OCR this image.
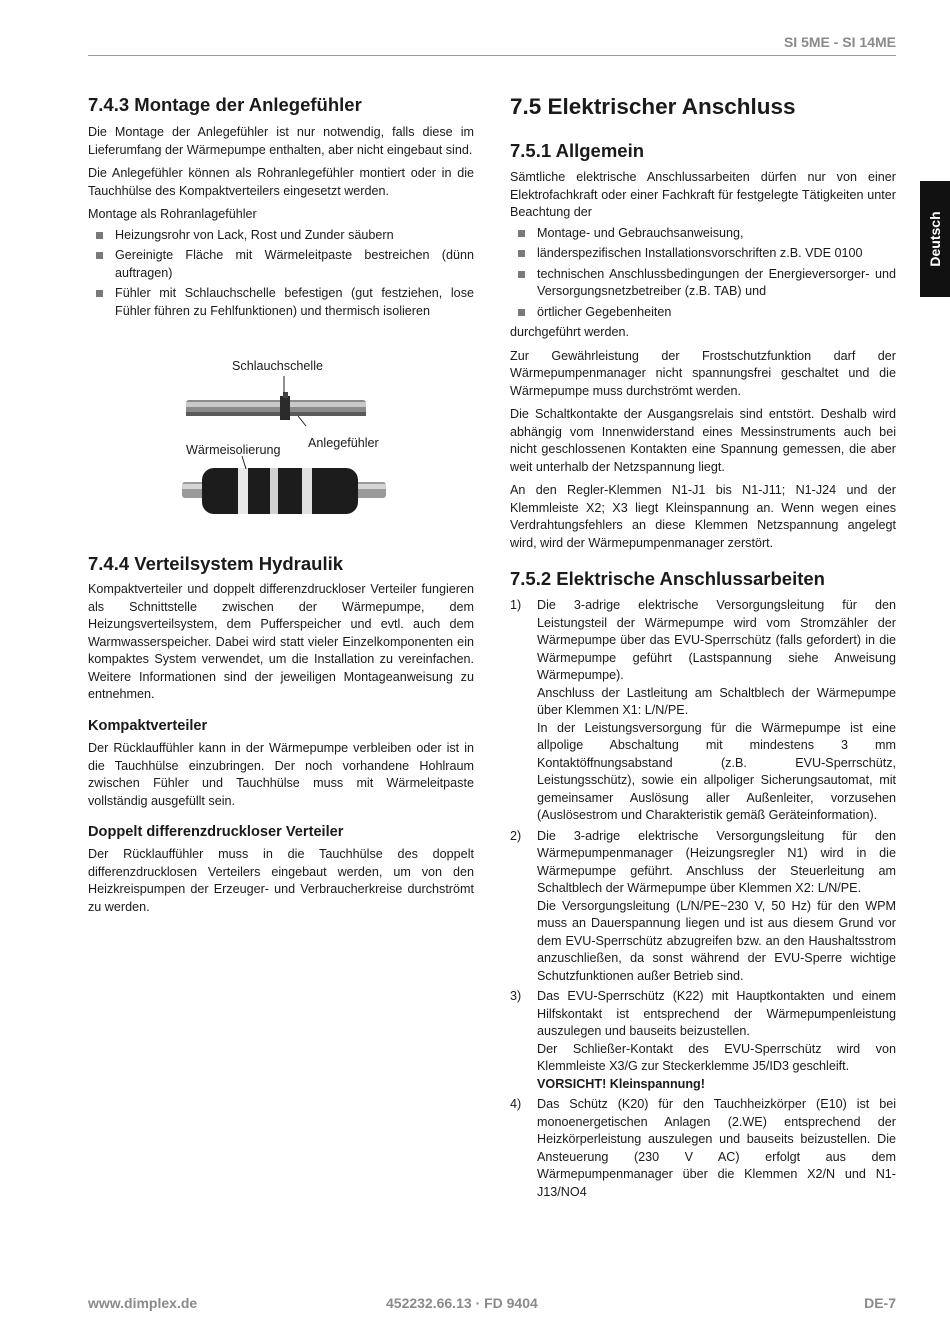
SI 5ME - SI 14ME
Deutsch
7.4.3 Montage der Anlegefühler

Die Montage der Anlegefühler ist nur notwendig, falls diese im Lieferumfang der Wärmepumpe enthalten, aber nicht eingebaut sind.

Die Anlegefühler können als Rohranlegefühler montiert oder in die Tauchhülse des Kompaktverteilers eingesetzt werden.

Montage als Rohranlagefühler

Heizungsrohr von Lack, Rost und Zunder säubern
Gereinigte Fläche mit Wärmeleitpaste bestreichen (dünn auftragen)
Fühler mit Schlauchschelle befestigen (gut festziehen, lose Fühler führen zu Fehlfunktionen) und thermisch isolieren
Schlauchschelle
Anlegefühler
Wärmeisolierung
7.4.4 Verteilsystem Hydraulik

Kompaktverteiler und doppelt differenzdruckloser Verteiler fungieren als Schnittstelle zwischen der Wärmepumpe, dem Heizungsverteilsystem, dem Pufferspeicher und evtl. auch dem Warmwasserspeicher. Dabei wird statt vieler Einzelkomponenten ein kompaktes System verwendet, um die Installation zu vereinfachen. Weitere Informationen sind der jeweiligen Montageanweisung zu entnehmen.

Kompaktverteiler

Der Rücklauffühler kann in der Wärmepumpe verbleiben oder ist in die Tauchhülse einzubringen. Der noch vorhandene Hohlraum zwischen Fühler und Tauchhülse muss mit Wärmeleitpaste vollständig ausgefüllt sein.

Doppelt differenzdruckloser Verteiler

Der Rücklauffühler muss in die Tauchhülse des doppelt differenzdrucklosen Verteilers eingebaut werden, um von den Heizkreispumpen der Erzeuger- und Verbraucherkreise durchströmt zu werden.

7.5 Elektrischer Anschluss
7.5.1 Allgemein

Sämtliche elektrische Anschlussarbeiten dürfen nur von einer Elektrofachkraft oder einer Fachkraft für festgelegte Tätigkeiten unter Beachtung der

Montage- und Gebrauchsanweisung,
länderspezifischen Installationsvorschriften z.B. VDE 0100
technischen Anschlussbedingungen der Energieversorger- und Versorgungsnetzbetreiber (z.B. TAB) und
örtlicher Gegebenheiten

durchgeführt werden.

Zur Gewährleistung der Frostschutzfunktion darf der Wärmepumpenmanager nicht spannungsfrei geschaltet und die Wärmepumpe muss durchströmt werden.

Die Schaltkontakte der Ausgangsrelais sind entstört. Deshalb wird abhängig vom Innenwiderstand eines Messinstruments auch bei nicht geschlossenen Kontakten eine Spannung gemessen, die aber weit unterhalb der Netzspannung liegt.

An den Regler-Klemmen N1-J1 bis N1-J11; N1-J24 und der Klemmleiste X2; X3 liegt Kleinspannung an. Wenn wegen eines Verdrahtungsfehlers an diese Klemmen Netzspannung angelegt wird, wird der Wärmepumpenmanager zerstört.

7.5.2 Elektrische Anschlussarbeiten
1) Die 3-adrige elektrische Versorgungsleitung für den Leistungsteil der Wärmepumpe wird vom Stromzähler der Wärmepumpe über das EVU-Sperrschütz (falls gefordert) in die Wärmepumpe geführt (Lastspannung siehe Anweisung Wärmepumpe).
Anschluss der Lastleitung am Schaltblech der Wärmepumpe über Klemmen X1: L/N/PE.
In der Leistungsversorgung für die Wärmepumpe ist eine allpolige Abschaltung mit mindestens 3 mm Kontaktöffnungsabstand (z.B. EVU-Sperrschütz, Leistungsschütz), sowie ein allpoliger Sicherungsautomat, mit gemeinsamer Auslösung aller Außenleiter, vorzusehen (Auslösestrom und Charakteristik gemäß Geräteinformation).
2) Die 3-adrige elektrische Versorgungsleitung für den Wärmepumpenmanager (Heizungsregler N1) wird in die Wärmepumpe geführt. Anschluss der Steuerleitung am Schaltblech der Wärmepumpe über Klemmen X2: L/N/PE.
Die Versorgungsleitung (L/N/PE~230 V, 50 Hz) für den WPM muss an Dauerspannung liegen und ist aus diesem Grund vor dem EVU-Sperrschütz abzugreifen bzw. an den Haushaltsstrom anzuschließen, da sonst während der EVU-Sperre wichtige Schutzfunktionen außer Betrieb sind.
3) Das EVU-Sperrschütz (K22) mit Hauptkontakten und einem Hilfskontakt ist entsprechend der Wärmepumpenleistung auszulegen und bauseits beizustellen.
Der Schließer-Kontakt des EVU-Sperrschütz wird von Klemmleiste X3/G zur Steckerklemme J5/ID3 geschleift.
VORSICHT! Kleinspannung!
4) Das Schütz (K20) für den Tauchheizkörper (E10) ist bei monoenergetischen Anlagen (2.WE) entsprechend der Heizkörperleistung auszulegen und bauseits beizustellen. Die Ansteuerung (230 V AC) erfolgt aus dem Wärmepumpenmanager über die Klemmen X2/N und N1-J13/NO4
www.dimplex.de	452232.66.13 · FD 9404	DE-7
